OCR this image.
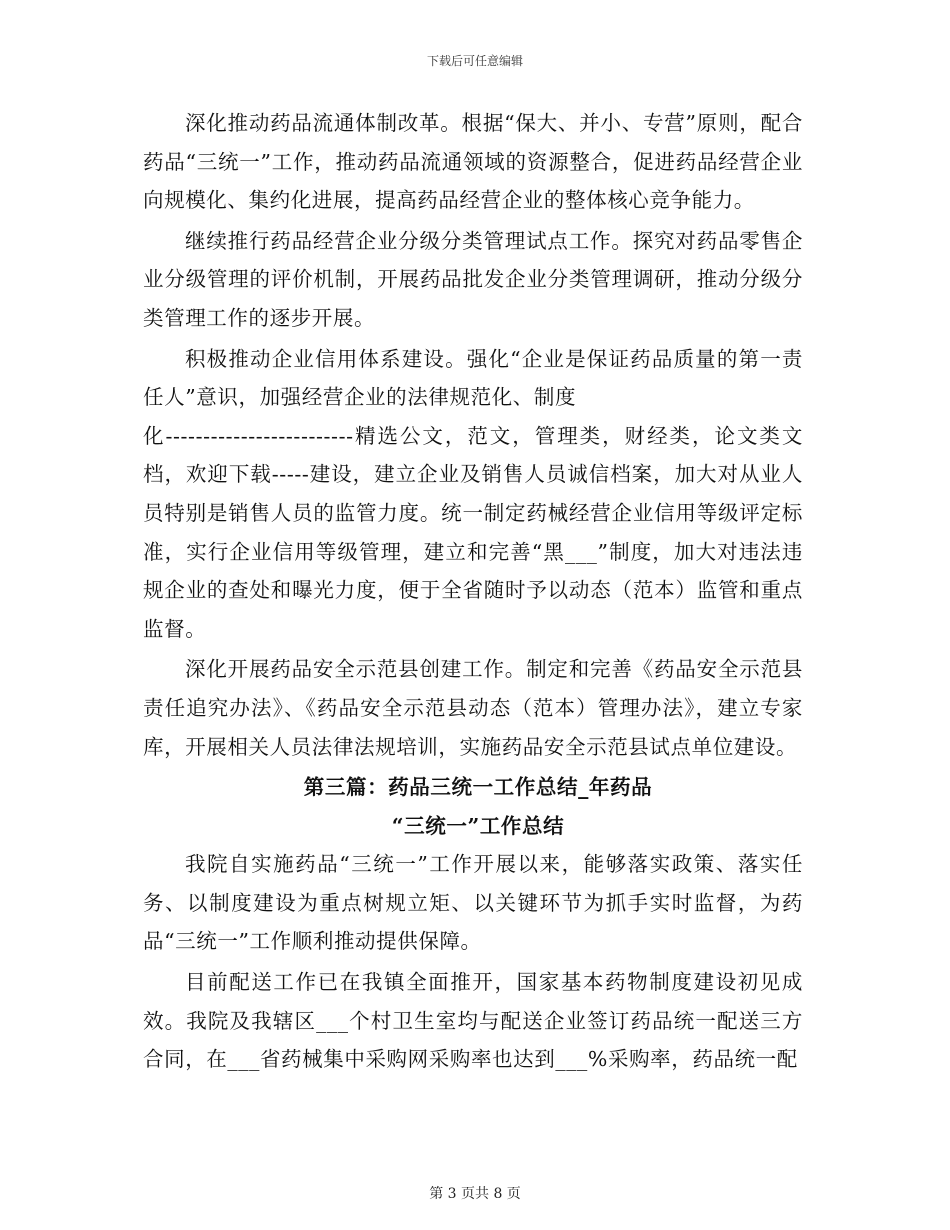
下载后可任意编辑

深化推动药品流通体制改革。根据“保大、并小、专营”原则，配合药品“三统一”工作，推动药品流通领域的资源整合，促进药品经营企业向规模化、集约化进展，提高药品经营企业的整体核心竞争能力。

继续推行药品经营企业分级分类管理试点工作。探究对药品零售企业分级管理的评价机制，开展药品批发企业分类管理调研，推动分级分类管理工作的逐步开展。

积极推动企业信用体系建设。强化“企业是保证药品质量的第一责任人”意识，加强经营企业的法律规范化、制度

化-------------------------精选公文，范文，管理类，财经类，论文类文档，欢迎下载-----建设，建立企业及销售人员诚信档案，加大对从业人员特别是销售人员的监管力度。统一制定药械经营企业信用等级评定标准，实行企业信用等级管理，建立和完善“黑___”制度，加大对违法违规企业的查处和曝光力度，便于全省随时予以动态（范本）监管和重点监督。

深化开展药品安全示范县创建工作。制定和完善《药品安全示范县责任追究办法》、《药品安全示范县动态（范本）管理办法》，建立专家库，开展相关人员法律法规培训，实施药品安全示范县试点单位建设。

第三篇：药品三统一工作总结_年药品
“三统一”工作总结

我院自实施药品“三统一”工作开展以来，能够落实政策、落实任务、以制度建设为重点树规立矩、以关键环节为抓手实时监督，为药品“三统一”工作顺利推动提供保障。

目前配送工作已在我镇全面推开，国家基本药物制度建设初见成效。我院及我辖区___个村卫生室均与配送企业签订药品统一配送三方合同，在___省药械集中采购网采购率也达到___%采购率，药品统一配

第 3 页共 8 页
